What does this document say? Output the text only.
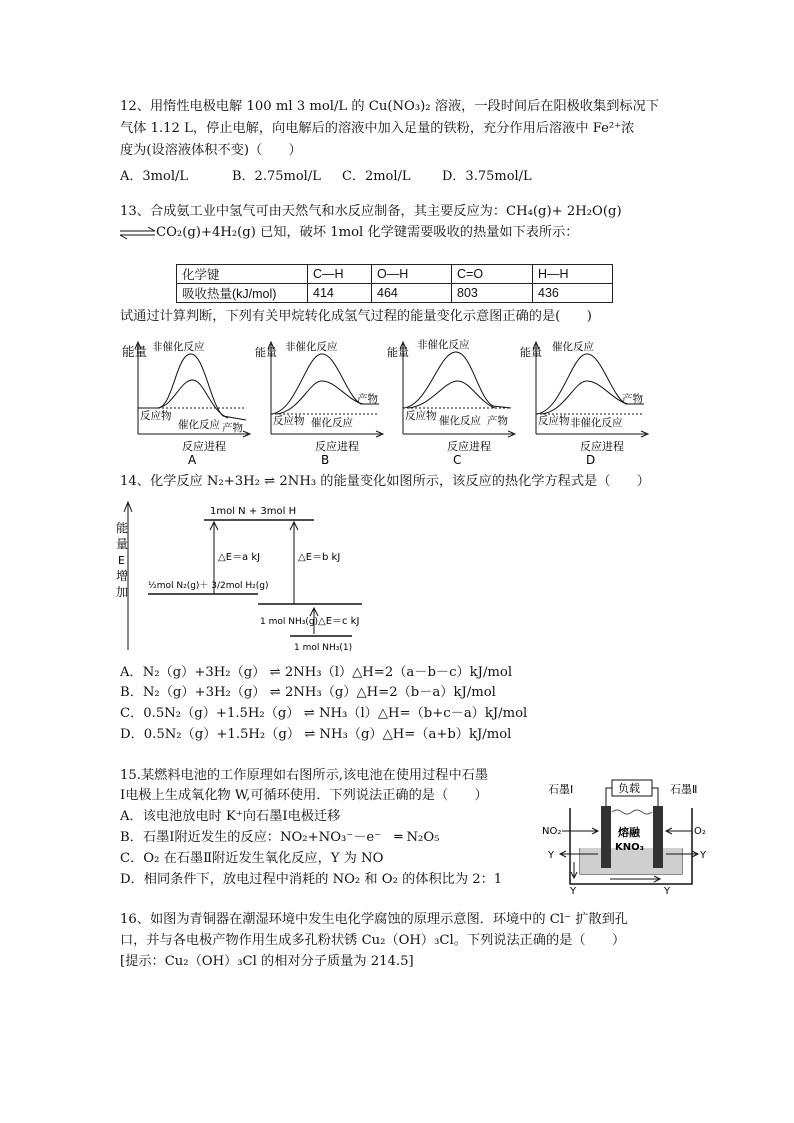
12、用惰性电极电解 100 ml 3 mol/L 的 Cu(NO₃)₂ 溶液，一段时间后在阳极收集到标况下
气体 1.12 L，停止电解，向电解后的溶液中加入足量的铁粉，充分作用后溶液中 Fe²⁺浓
度为(设溶液体积不变)（　　）
A．3mol/L	B．2.75mol/L C．2mol/L D．3.75mol/L
13、合成氨工业中氢气可由天然气和水反应制备，其主要反应为：CH₄(g)+ 2H₂O(g)
CO₂(g)+4H₂(g) 已知，破坏 1mol 化学键需要吸收的热量如下表所示：
化学键	C—H	O—H	C=O	H—H
吸收热量(kJ/mol)	414	464	803	436
试通过计算判断，下列有关甲烷转化成氢气过程的能量变化示意图正确的是(　　)
能量 非催化反应
反应物
催化反应 产物
反应进程
A
能量 非催化反应
反应物 催化反应
产物
反应进程
B
能量
非催化反应
反应物 催化反应 产物
反应进程
C
能量 催化反应
反应物 非催化反应
产物
反应进程
D
14、化学反应 N₂+3H₂ ⇌ 2NH₃ 的能量变化如图所示，该反应的热化学方程式是（　　）
能
量
E
增
加
1mol N + 3mol H
½mol N₂(g)＋ 3/2mol H₂(g)
△E＝a kJ	△E＝b kJ
1 mol NH₃(g) △E＝c kJ
1 mol NH₃(1)
A．N₂（g）+3H₂（g） ⇌ 2NH₃（l）△H=2（a－b－c）kJ/mol
B．N₂（g）+3H₂（g） ⇌ 2NH₃（g）△H=2（b－a）kJ/mol
C．0.5N₂（g）+1.5H₂（g） ⇌ NH₃（l）△H=（b+c－a）kJ/mol
D．0.5N₂（g）+1.5H₂（g） ⇌ NH₃（g）△H=（a+b）kJ/mol
15.某燃料电池的工作原理如右图所示,该电池在使用过程中石墨
Ⅰ电极上生成氧化物 W,可循环使用．下列说法正确的是（　　）
A．该电池放电时 K⁺向石墨Ⅰ电极迁移
B．石墨Ⅰ附近发生的反应：NO₂+NO₃⁻－e⁻　═ N₂O₅
C．O₂ 在石墨Ⅱ附近发生氧化反应，Y 为 NO
D．相同条件下，放电过程中消耗的 NO₂ 和 O₂ 的体积比为 2：1
负载
石墨Ⅰ	石墨Ⅱ
熔融
KNO₃
NO₂	O₂
Y	Y
Y	Y
16、如图为青铜器在潮湿环境中发生电化学腐蚀的原理示意图．环境中的 Cl⁻ 扩散到孔
口，并与各电极产物作用生成多孔粉状锈 Cu₂（OH）₃Cl。下列说法正确的是（　　）
[提示：Cu₂（OH）₃Cl 的相对分子质量为 214.5]
